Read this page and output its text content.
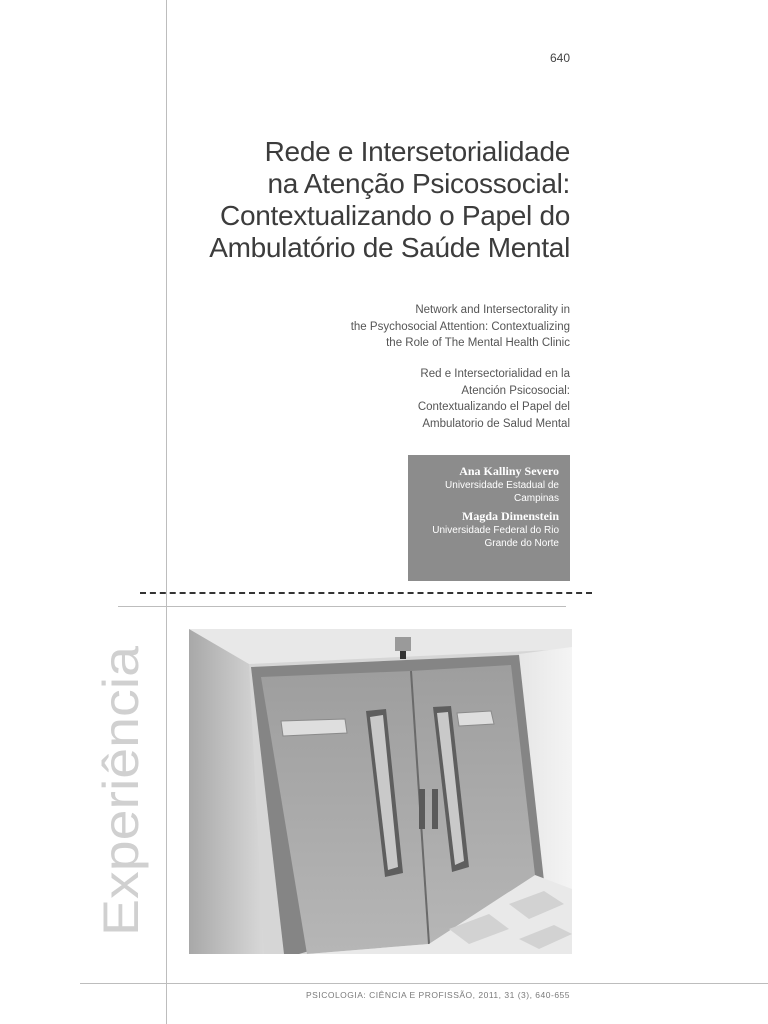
640
Rede e Intersetorialidade
na Atenção Psicossocial:
Contextualizando o Papel do
Ambulatório de Saúde Mental
Network and Intersectorality in
the Psychosocial Attention: Contextualizing
the Role of The Mental Health Clinic
Red e Intersectorialidad en la
Atención Psicosocial:
Contextualizando el Papel del
Ambulatorio de Salud Mental
Ana Kalliny Severo
Universidade Estadual de
Campinas
Magda Dimenstein
Universidade Federal do Rio
Grande do Norte
Experiência
PSICOLOGIA: CIÊNCIA E PROFISSÃO, 2011, 31 (3), 640-655
